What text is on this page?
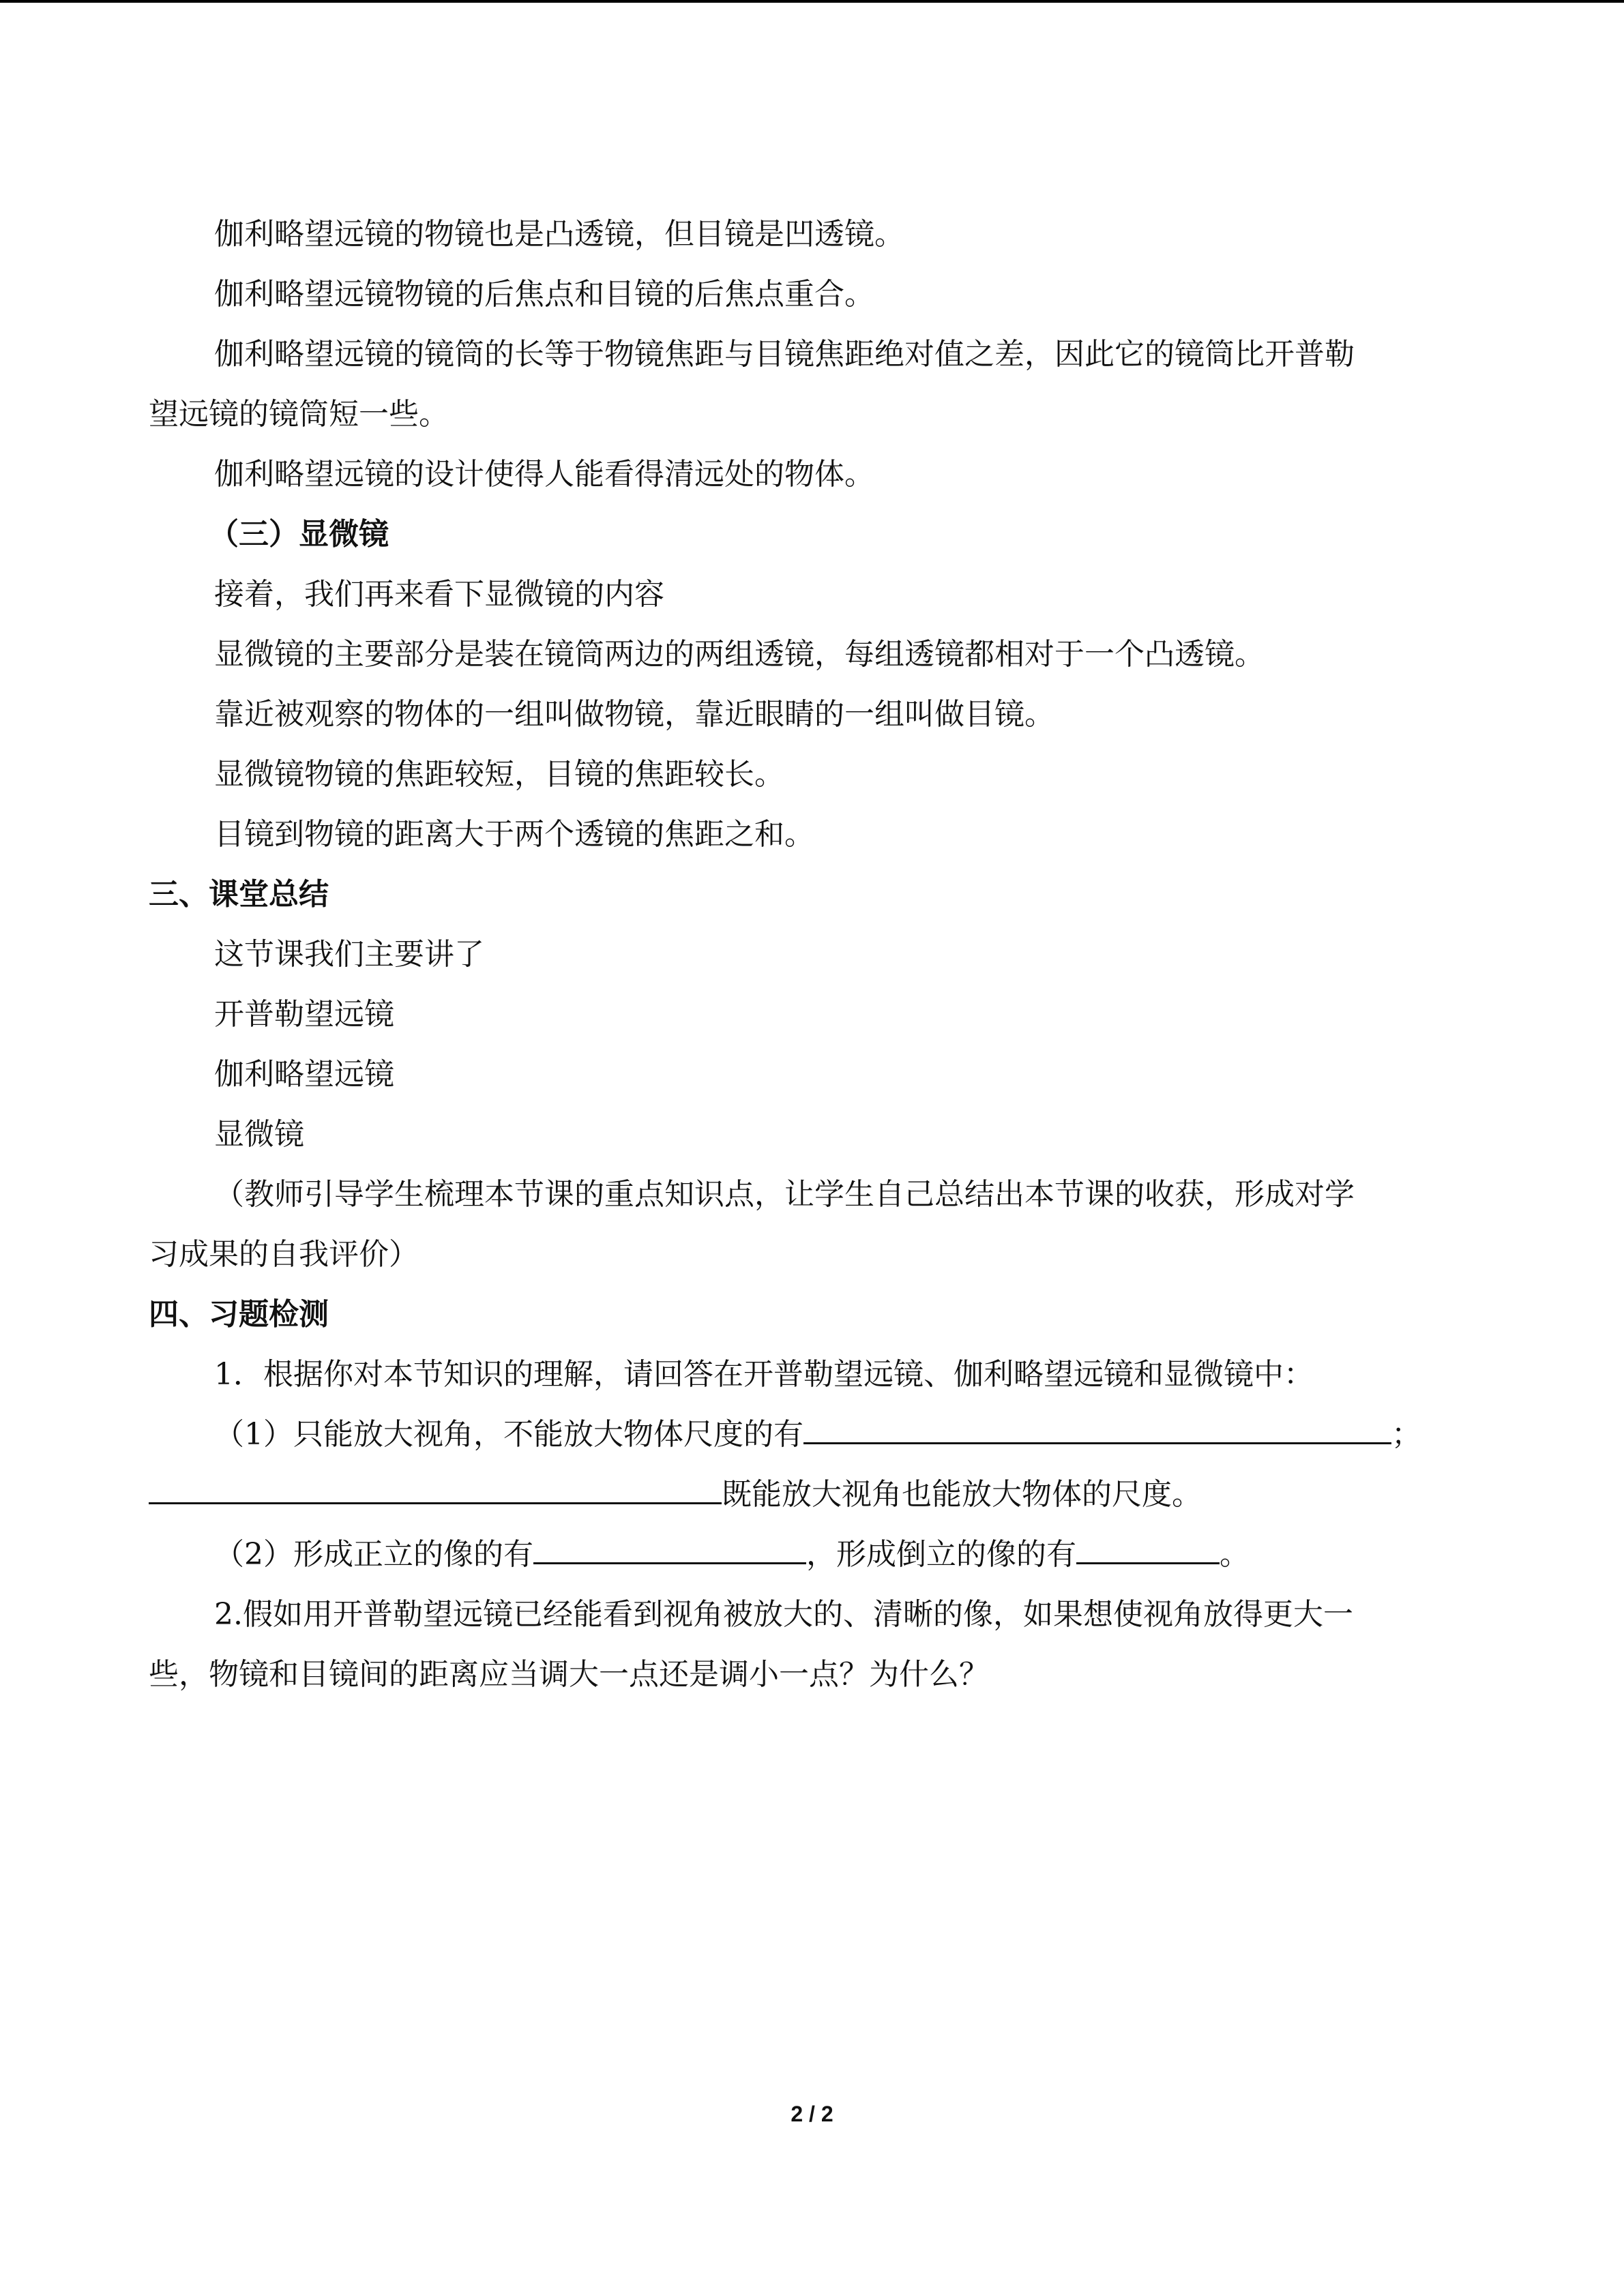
伽利略望远镜的物镜也是凸透镜，但目镜是凹透镜。
伽利略望远镜物镜的后焦点和目镜的后焦点重合。
伽利略望远镜的镜筒的长等于物镜焦距与目镜焦距绝对值之差，因此它的镜筒比开普勒
望远镜的镜筒短一些。
伽利略望远镜的设计使得人能看得清远处的物体。
（三）显微镜
接着，我们再来看下显微镜的内容
显微镜的主要部分是装在镜筒两边的两组透镜，每组透镜都相对于一个凸透镜。
靠近被观察的物体的一组叫做物镜，靠近眼睛的一组叫做目镜。
显微镜物镜的焦距较短，目镜的焦距较长。
目镜到物镜的距离大于两个透镜的焦距之和。
三、课堂总结
这节课我们主要讲了
开普勒望远镜
伽利略望远镜
显微镜
（教师引导学生梳理本节课的重点知识点，让学生自己总结出本节课的收获，形成对学
习成果的自我评价）
四、习题检测
1．根据你对本节知识的理解，请回答在开普勒望远镜、伽利略望远镜和显微镜中：
（1）只能放大视角，不能放大物体尺度的有	；
既能放大视角也能放大物体的尺度。
（2）形成正立的像的有	，形成倒立的像的有	。
2.假如用开普勒望远镜已经能看到视角被放大的、清晰的像，如果想使视角放得更大一
些，物镜和目镜间的距离应当调大一点还是调小一点？为什么？
2 / 2
